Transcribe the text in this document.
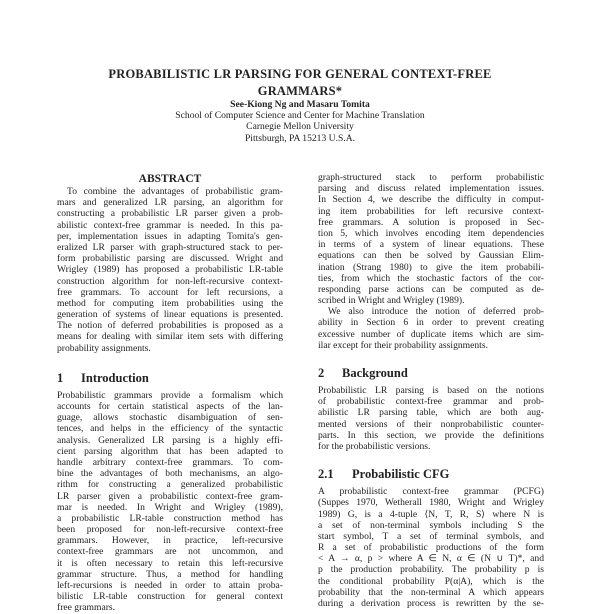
PROBABILISTIC LR PARSING FOR GENERAL CONTEXT-FREE
GRAMMARS*
See-Kiong Ng and Masaru Tomita
School of Computer Science and Center for Machine Translation
Carnegie Mellon University
Pittsburgh, PA 15213 U.S.A.
ABSTRACT
To combine the advantages of probabilistic gram-
mars and generalized LR parsing, an algorithm for
constructing a probabilistic LR parser given a prob-
abilistic context-free grammar is needed. In this pa-
per, implementation issues in adapting Tomita's gen-
eralized LR parser with graph-structured stack to per-
form probabilistic parsing are discussed. Wright and
Wrigley (1989) has proposed a probabilistic LR-table
construction algorithm for non-left-recursive context-
free grammars. To account for left recursions, a
method for computing item probabilities using the
generation of systems of linear equations is presented.
The notion of deferred probabilities is proposed as a
means for dealing with similar item sets with differing
probability assignments.
1 Introduction
Probabilistic grammars provide a formalism which
accounts for certain statistical aspects of the lan-
guage, allows stochastic disambiguation of sen-
tences, and helps in the efficiency of the syntactic
analysis. Generalized LR parsing is a highly effi-
cient parsing algorithm that has been adapted to
handle arbitrary context-free grammars. To com-
bine the advantages of both mechanisms, an algo-
rithm for constructing a generalized probabilistic
LR parser given a probabilistic context-free gram-
mar is needed. In Wright and Wrigley (1989),
a probabilistic LR-table construction method has
been proposed for non-left-recursive context-free
grammars. However, in practice, left-recursive
context-free grammars are not uncommon, and
it is often necessary to retain this left-recursive
grammar structure. Thus, a method for handling
left-recursions is needed in order to attain proba-
bilistic LR-table construction for general context
free grammars.
graph-structured stack to perform probabilistic
parsing and discuss related implementation issues.
In Section 4, we describe the difficulty in comput-
ing item probabilities for left recursive context-
free grammars. A solution is proposed in Sec-
tion 5, which involves encoding item dependencies
in terms of a system of linear equations. These
equations can then be solved by Gaussian Elim-
ination (Strang 1980) to give the item probabili-
ties, from which the stochastic factors of the cor-
responding parse actions can be computed as de-
scribed in Wright and Wrigley (1989).
We also introduce the notion of deferred prob-
ability in Section 6 in order to prevent creating
excessive number of duplicate items which are sim-
ilar except for their probability assignments.
2 Background
Probabilistic LR parsing is based on the notions
of probabilistic context-free grammar and prob-
abilistic LR parsing table, which are both aug-
mented versions of their nonprobabilistic counter-
parts. In this section, we provide the definitions
for the probabilistic versions.
2.1 Probabilistic CFG
A probabilistic context-free grammar (PCFG)
(Suppes 1970, Wetherall 1980, Wright and Wrigley
1989) G, is a 4-tuple ⟨N, T, R, S⟩ where N is
a set of non-terminal symbols including S the
start symbol, T a set of terminal symbols, and
R a set of probabilistic productions of the form
< A → α, p > where A ∈ N, α ∈ (N ∪ T)*, and
p the production probability. The probability p is
the conditional probability P(α|A), which is the
probability that the non-terminal A which appears
during a derivation process is rewritten by the se-
